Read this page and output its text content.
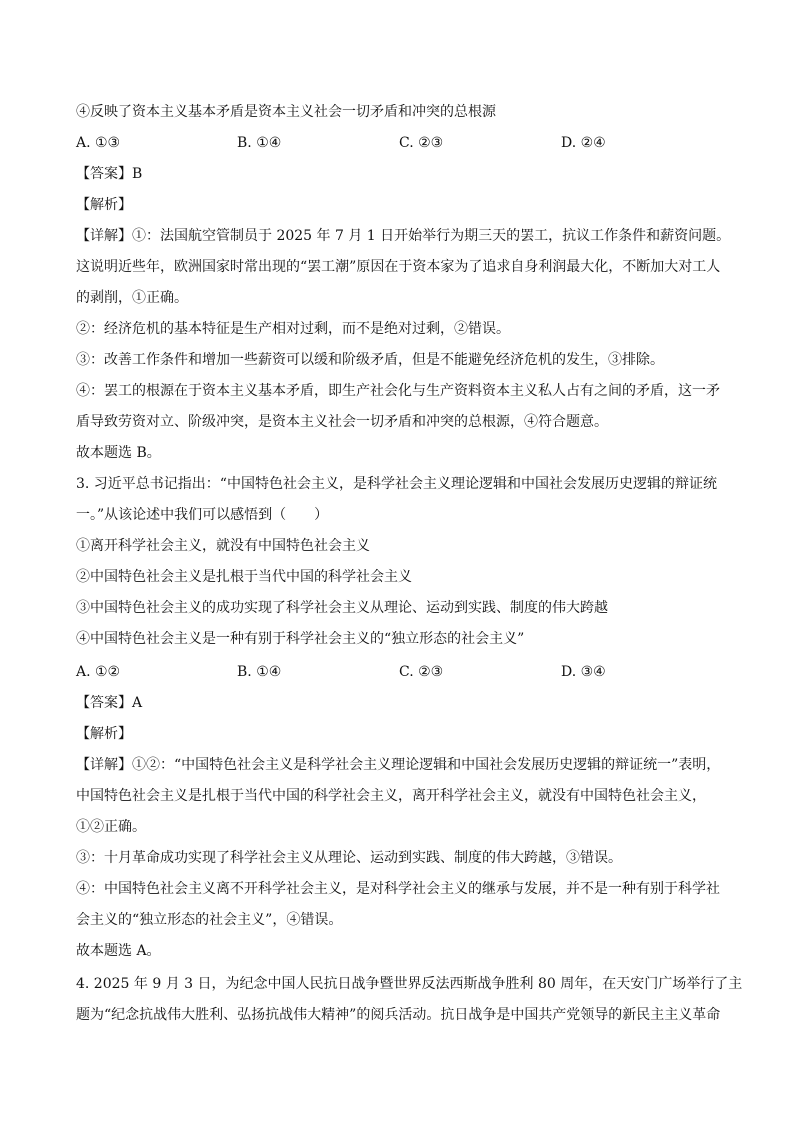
④反映了资本主义基本矛盾是资本主义社会一切矛盾和冲突的总根源
A. ①③	B. ①④	C. ②③	D. ②④
【答案】B
【解析】
【详解】①：法国航空管制员于 2025 年 7 月 1 日开始举行为期三天的罢工，抗议工作条件和薪资问题。
这说明近些年，欧洲国家时常出现的“罢工潮”原因在于资本家为了追求自身利润最大化，不断加大对工人
的剥削，①正确。
②：经济危机的基本特征是生产相对过剩，而不是绝对过剩，②错误。
③：改善工作条件和增加一些薪资可以缓和阶级矛盾，但是不能避免经济危机的发生，③排除。
④：罢工的根源在于资本主义基本矛盾，即生产社会化与生产资料资本主义私人占有之间的矛盾，这一矛
盾导致劳资对立、阶级冲突，是资本主义社会一切矛盾和冲突的总根源，④符合题意。
故本题选 B。
3. 习近平总书记指出：“中国特色社会主义，是科学社会主义理论逻辑和中国社会发展历史逻辑的辩证统
一。”从该论述中我们可以感悟到（　　）
①离开科学社会主义，就没有中国特色社会主义
②中国特色社会主义是扎根于当代中国的科学社会主义
③中国特色社会主义的成功实现了科学社会主义从理论、运动到实践、制度的伟大跨越
④中国特色社会主义是一种有别于科学社会主义的“独立形态的社会主义”
A. ①②	B. ①④	C. ②③	D. ③④
【答案】A
【解析】
【详解】①②：“中国特色社会主义是科学社会主义理论逻辑和中国社会发展历史逻辑的辩证统一”表明，
中国特色社会主义是扎根于当代中国的科学社会主义，离开科学社会主义，就没有中国特色社会主义，
①②正确。
③：十月革命成功实现了科学社会主义从理论、运动到实践、制度的伟大跨越，③错误。
④：中国特色社会主义离不开科学社会主义，是对科学社会主义的继承与发展，并不是一种有别于科学社
会主义的“独立形态的社会主义”，④错误。
故本题选 A。
4. 2025 年 9 月 3 日，为纪念中国人民抗日战争暨世界反法西斯战争胜利 80 周年，在天安门广场举行了主
题为“纪念抗战伟大胜利、弘扬抗战伟大精神”的阅兵活动。抗日战争是中国共产党领导的新民主主义革命
